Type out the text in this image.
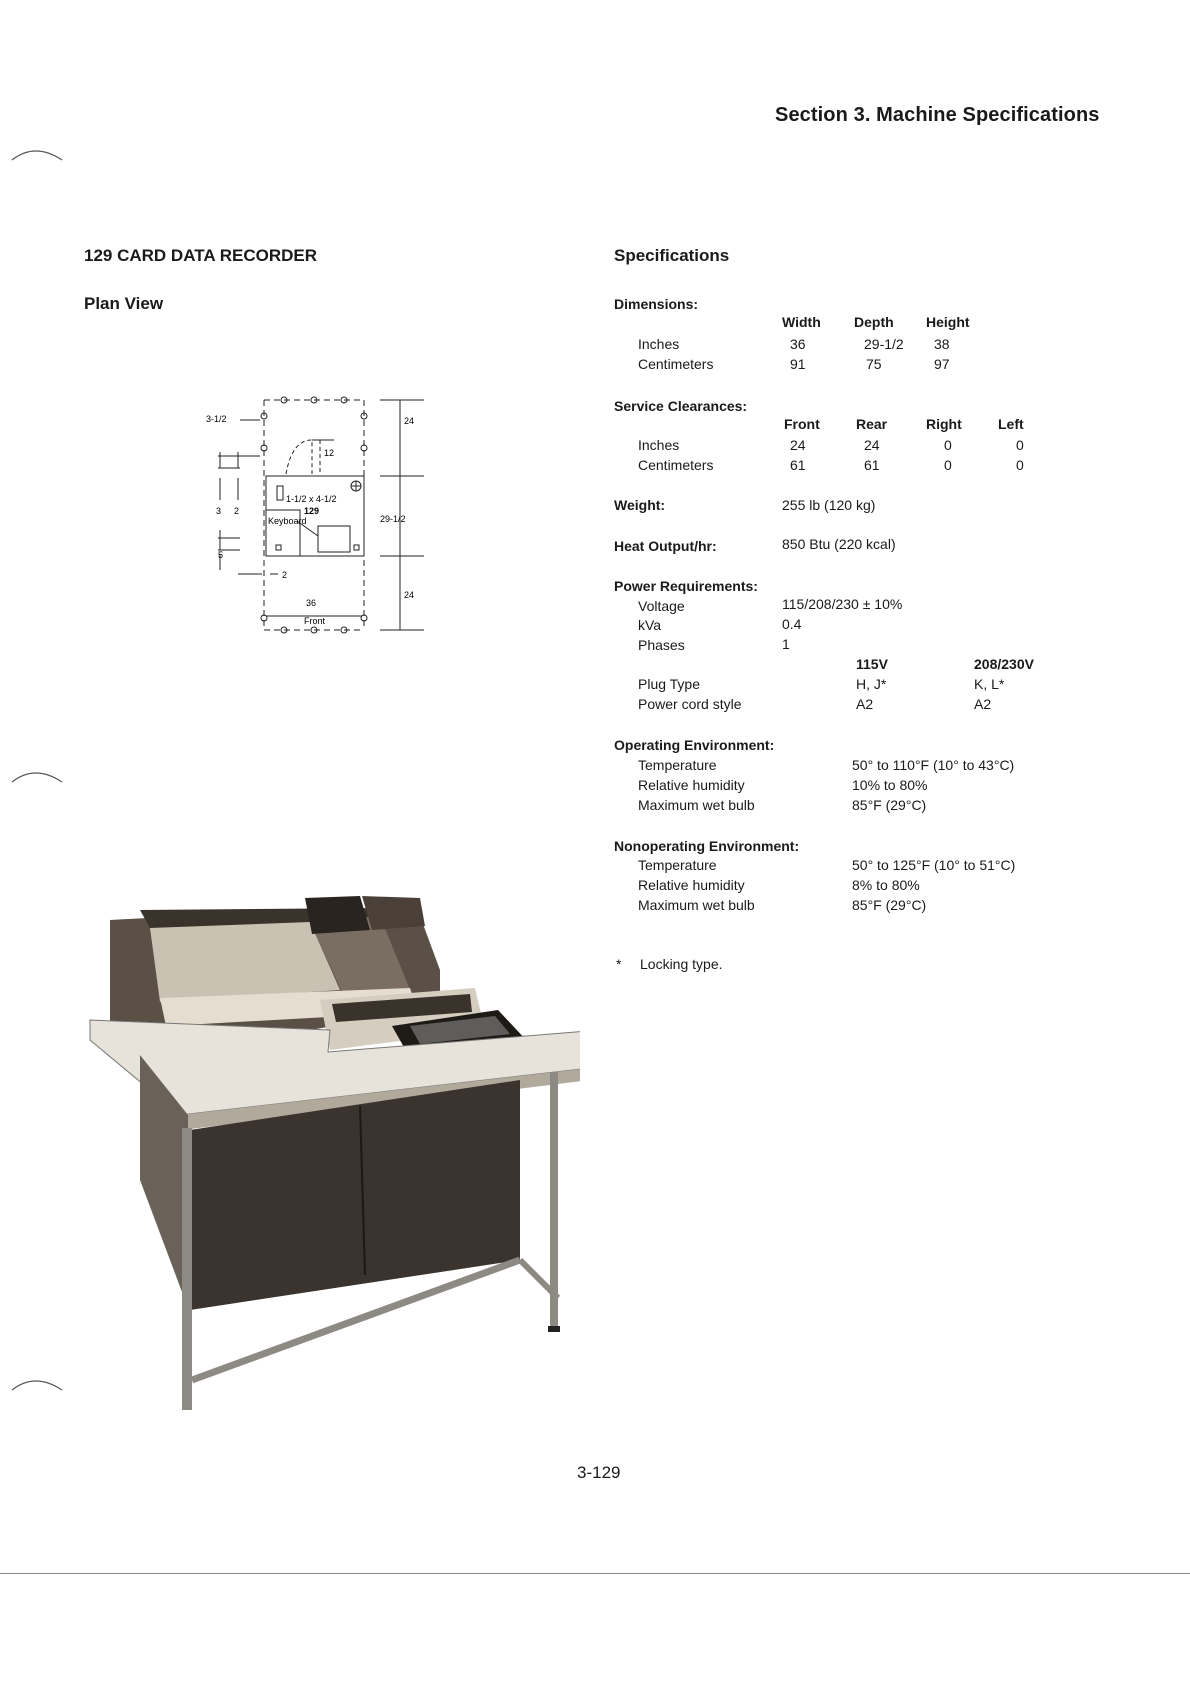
Section 3. Machine Specifications
129 CARD DATA RECORDER
Plan View
3-1/2
12
24
3 2
1-1/2 x 4-1/2
129
Keyboard	29-1/2
5
2
36
Front
24
Specifications
Dimensions:
Width Depth Height
Inches	36	29-1/2 38
Centimeters	91	75	97
Service Clearances:
Front	Rear	Right	Left
Inches	24	24	0	0
Centimeters	61	61	0	0
Weight:	255 lb (120 kg)
Heat Output/hr:	850 Btu (220 kcal)
Power Requirements:
Voltage	115/208/230 ± 10%
kVa	0.4
Phases	1
115V	208/230V
Plug Type	H, J*	K, L*
Power cord style	A2	A2
Operating Environment:
Temperature	50° to 110°F (10° to 43°C)
Relative humidity	10% to 80%
Maximum wet bulb	85°F (29°C)
Nonoperating Environment:
Temperature	50° to 125°F (10° to 51°C)
Relative humidity	8% to 80%
Maximum wet bulb	85°F (29°C)
* Locking type.
3-129
